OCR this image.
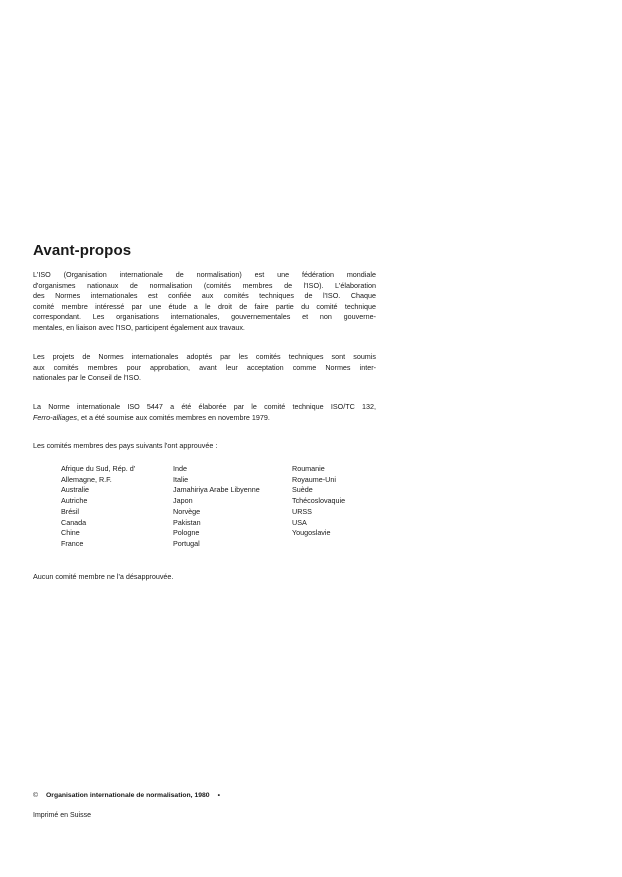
Avant-propos

L'ISO (Organisation internationale de normalisation) est une fédération mondiale
d'organismes nationaux de normalisation (comités membres de l'ISO). L'élaboration
des Normes internationales est confiée aux comités techniques de l'ISO. Chaque
comité membre intéressé par une étude a le droit de faire partie du comité technique
correspondant. Les organisations internationales, gouvernementales et non gouverne-
mentales, en liaison avec l'ISO, participent également aux travaux.

Les projets de Normes internationales adoptés par les comités techniques sont soumis
aux comités membres pour approbation, avant leur acceptation comme Normes inter-
nationales par le Conseil de l'ISO.

La Norme internationale ISO 5447 a été élaborée par le comité technique ISO/TC 132,
Ferro-alliages, et a été soumise aux comités membres en novembre 1979.

Les comités membres des pays suivants l'ont approuvée :

Afrique du Sud, Rép. d'
Allemagne, R.F.
Australie
Autriche
Brésil
Canada
Chine
France
Inde
Italie
Jamahiriya Arabe Libyenne
Japon
Norvège
Pakistan
Pologne
Portugal
Roumanie
Royaume-Uni
Suède
Tchécoslovaquie
URSS
USA
Yougoslavie

Aucun comité membre ne l'a désapprouvée.

© Organisation internationale de normalisation, 1980 •
Imprimé en Suisse
